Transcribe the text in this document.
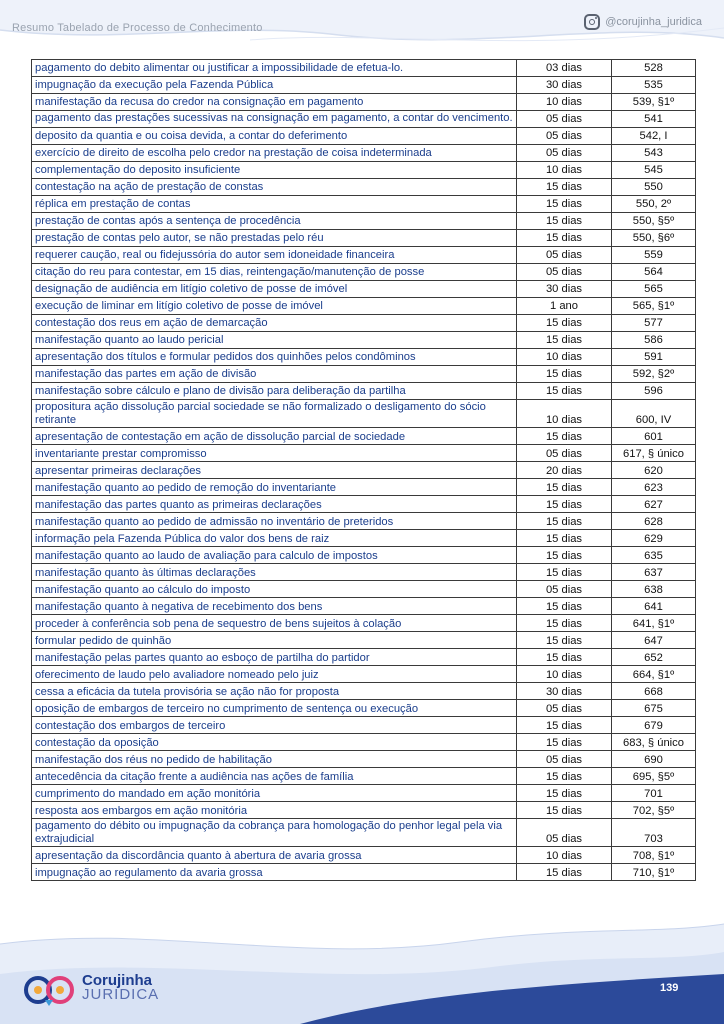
Resumo Tabelado de Processo de Conhecimento	@corujinha_juridica
pagamento do debito alimentar ou justificar a impossibilidade de efetua-lo.	03 dias	528
impugnação da execução pela Fazenda Pública	30 dias	535
manifestação da recusa do credor na consignação em pagamento	10 dias	539, §1º
pagamento das prestações sucessivas na consignação em pagamento, a contar do vencimento.	05 dias	541
deposito da quantia e ou coisa devida, a contar do deferimento	05 dias	542, I
exercício de direito de escolha pelo credor na prestação de coisa indeterminada	05 dias	543
complementação do deposito insuficiente	10 dias	545
contestação na ação de prestação de constas	15 dias	550
réplica em prestação de contas	15 dias	550, 2º
prestação de contas após a sentença de procedência	15 dias	550, §5º
prestação de contas pelo autor, se não prestadas pelo réu	15 dias	550, §6º
requerer caução, real ou fidejussória do autor sem idoneidade financeira	05 dias	559
citação do reu para contestar, em 15 dias, reintengação/manutenção de posse	05 dias	564
designação de audiência em litígio coletivo de posse de imóvel	30 dias	565
execução de liminar em litígio coletivo de posse de imóvel	1 ano	565, §1º
contestação dos reus em ação de demarcação	15 dias	577
manifestação quanto ao laudo pericial	15 dias	586
apresentação dos títulos e formular pedidos dos quinhões pelos condôminos	10 dias	591
manifestação das partes em ação de divisão	15 dias	592, §2º
manifestação sobre cálculo e plano de divisão para deliberação da partilha	15 dias	596
propositura ação dissolução parcial sociedade se não formalizado o desligamento do sócio retirante	10 dias	600, IV
apresentação de contestação em ação de dissolução parcial de sociedade	15 dias	601
inventariante prestar compromisso	05 dias	617, § único
apresentar primeiras declarações	20 dias	620
manifestação quanto ao pedido de remoção do inventariante	15 dias	623
manifestação das partes quanto as primeiras declarações	15 dias	627
manifestação quanto ao pedido de admissão no inventário de preteridos	15 dias	628
informação pela Fazenda Pública do valor dos bens de raiz	15 dias	629
manifestação quanto ao laudo de avaliação para calculo de impostos	15 dias	635
manifestação quanto às últimas declarações	15 dias	637
manifestação quanto ao cálculo do imposto	05 dias	638
manifestação quanto à negativa de recebimento dos bens	15 dias	641
proceder à conferência sob pena de sequestro de bens sujeitos à colação	15 dias	641, §1º
formular pedido de quinhão	15 dias	647
manifestação pelas partes quanto ao esboço de partilha do partidor	15 dias	652
oferecimento de laudo pelo avaliadore nomeado pelo juiz	10 dias	664, §1º
cessa a eficácia da tutela provisória se ação não for proposta	30 dias	668
oposição de embargos de terceiro no cumprimento de sentença ou execução	05 dias	675
contestação dos embargos de terceiro	15 dias	679
contestação da oposição	15 dias	683, § único
manifestação dos réus no pedido de habilitação	05 dias	690
antecedência da citação frente a audiência nas ações de família	15 dias	695, §5º
cumprimento do mandado em ação monitória	15 dias	701
resposta aos embargos em ação monitória	15 dias	702, §5º
pagamento do débito ou impugnação da cobrança para homologação do penhor legal pela via extrajudicial	05 dias	703
apresentação da discordância quanto à abertura de avaria grossa	10 dias	708, §1º
impugnação ao regulamento da avaria grossa	15 dias	710, §1º
Corujinha
JURIDICA	139
